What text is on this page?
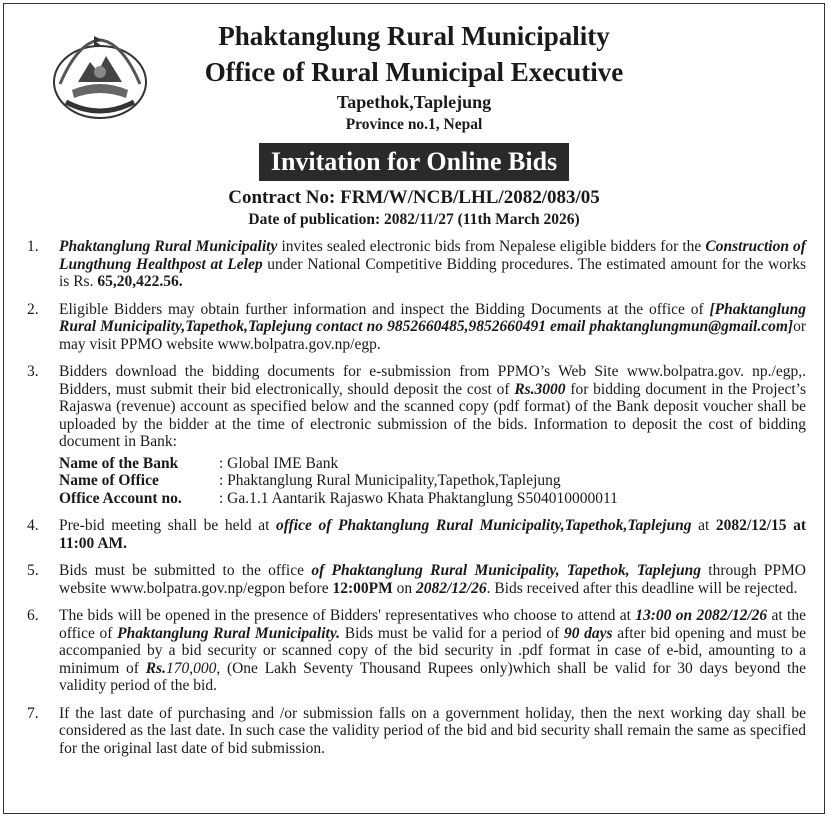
Phaktanglung Rural Municipality
Office of Rural Municipal Executive
Tapethok,Taplejung
Province no.1, Nepal
Invitation for Online Bids
Contract No: FRM/W/NCB/LHL/2082/083/05
Date of publication: 2082/11/27 (11th March 2026)
1. Phaktanglung Rural Municipality invites sealed electronic bids from Nepalese eligible bidders for the Construction of Lungthung Healthpost at Lelep under National Competitive Bidding procedures. The estimated amount for the works is Rs. 65,20,422.56.
2. Eligible Bidders may obtain further information and inspect the Bidding Documents at the office of [Phaktanglung Rural Municipality,Tapethok,Taplejung contact no 9852660485,9852660491 email phaktanglungmun@gmail.com]or may visit PPMO website www.bolpatra.gov.np/egp.
3. Bidders download the bidding documents for e-submission from PPMO’s Web Site www.bolpatra.gov. np./egp,. Bidders, must submit their bid electronically, should deposit the cost of Rs.3000 for bidding document in the Project’s Rajaswa (revenue) account as specified below and the scanned copy (pdf format) of the Bank deposit voucher shall be uploaded by the bidder at the time of electronic submission of the bids. Information to deposit the cost of bidding document in Bank:
Name of the Bank	: Global IME Bank
Name of Office	: Phaktanglung Rural Municipality,Tapethok,Taplejung
Office Account no.	: Ga.1.1 Aantarik Rajaswo Khata Phaktanglung S504010000011
4. Pre-bid meeting shall be held at office of Phaktanglung Rural Municipality,Tapethok,Taplejung at 2082/12/15 at 11:00 AM.
5. Bids must be submitted to the office of Phaktanglung Rural Municipality, Tapethok, Taplejung through PPMO website www.bolpatra.gov.np/egpon before 12:00PM on 2082/12/26. Bids received after this deadline will be rejected.
6. The bids will be opened in the presence of Bidders' representatives who choose to attend at 13:00 on 2082/12/26 at the office of Phaktanglung Rural Municipality. Bids must be valid for a period of 90 days after bid opening and must be accompanied by a bid security or scanned copy of the bid security in .pdf format in case of e-bid, amounting to a minimum of Rs.170,000, (One Lakh Seventy Thousand Rupees only)which shall be valid for 30 days beyond the validity period of the bid.
7. If the last date of purchasing and /or submission falls on a government holiday, then the next working day shall be considered as the last date. In such case the validity period of the bid and bid security shall remain the same as specified for the original last date of bid submission.
